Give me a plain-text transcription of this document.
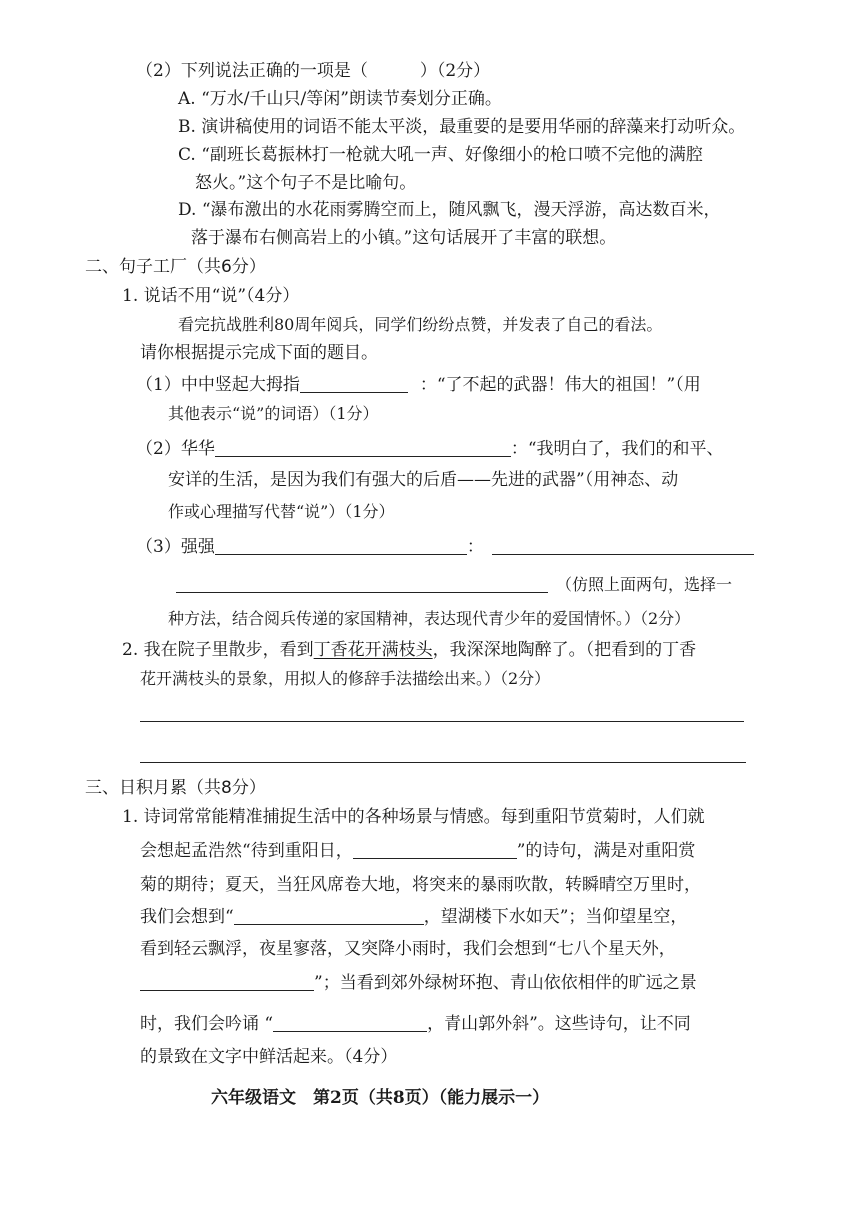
（2）下列说法正确的一项是（	）（2分）
A. “万水/千山只/等闲”朗读节奏划分正确。
B. 演讲稿使用的词语不能太平淡，最重要的是要用华丽的辞藻来打动听众。
C. “副班长葛振林打一枪就大吼一声、好像细小的枪口喷不完他的满腔
怒火。”这个句子不是比喻句。
D. “瀑布激出的水花雨雾腾空而上，随风飘飞，漫天浮游，高达数百米，
落于瀑布右侧高岩上的小镇。”这句话展开了丰富的联想。
二、句子工厂（共6分）
1. 说话不用“说”（4分）
看完抗战胜利80周年阅兵，同学们纷纷点赞，并发表了自己的看法。
请你根据提示完成下面的题目。
（1）中中竖起大拇指	：“了不起的武器！伟大的祖国！”（用
其他表示“说”的词语）（1分）
（2）华华	：“我明白了，我们的和平、
安详的生活，是因为我们有强大的后盾——先进的武器”（用神态、动
作或心理描写代替“说”）（1分）
（3）强强	：
（仿照上面两句，选择一
种方法，结合阅兵传递的家国精神，表达现代青少年的爱国情怀。）（2分）
2. 我在院子里散步，看到丁香花开满枝头，我深深地陶醉了。（把看到的丁香
花开满枝头的景象，用拟人的修辞手法描绘出来。）（2分）
三、日积月累（共8分）
1. 诗词常常能精准捕捉生活中的各种场景与情感。每到重阳节赏菊时，人们就
会想起孟浩然“待到重阳日，	”的诗句，满是对重阳赏
菊的期待；夏天，当狂风席卷大地，将突来的暴雨吹散，转瞬晴空万里时，
我们会想到“	，望湖楼下水如天”；当仰望星空，
看到轻云飘浮，夜星寥落，又突降小雨时，我们会想到“七八个星天外，
”；当看到郊外绿树环抱、青山依依相伴的旷远之景
时，我们会吟诵 “	，青山郭外斜”。这些诗句，让不同
的景致在文字中鲜活起来。（4分）
六年级语文　第2页（共8页）（能力展示一）
